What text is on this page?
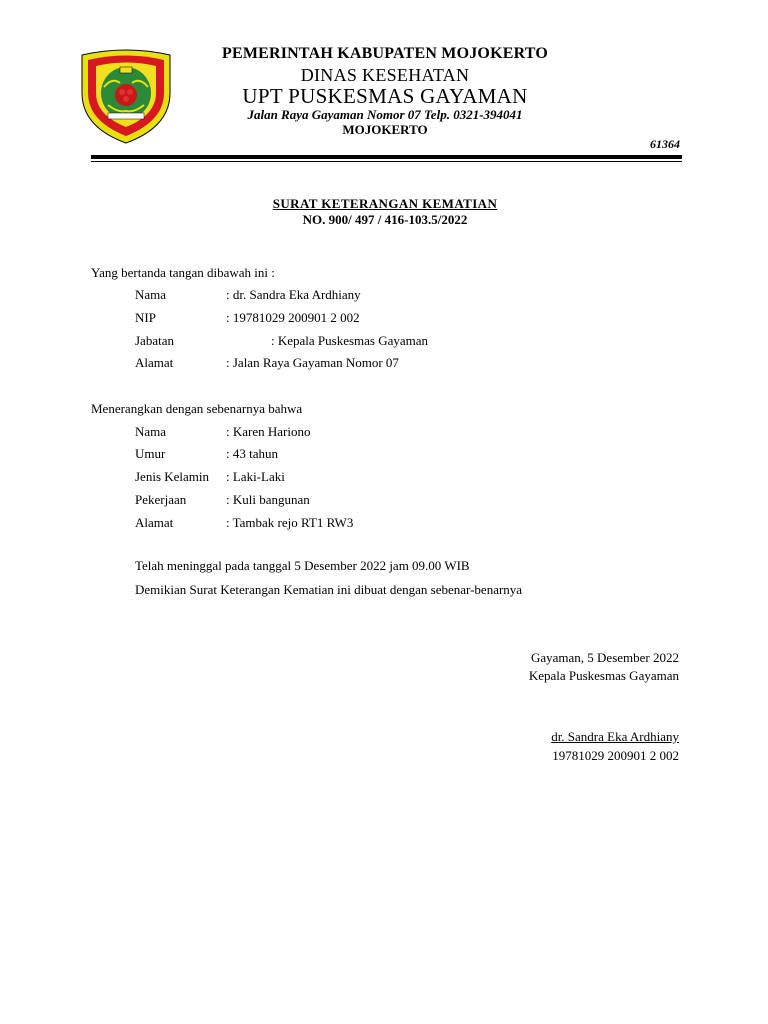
PEMERINTAH KABUPATEN MOJOKERTO
DINAS KESEHATAN
UPT PUSKESMAS GAYAMAN
Jalan Raya Gayaman Nomor 07 Telp. 0321-394041
MOJOKERTO
61364
SURAT KETERANGAN KEMATIAN
NO. 900/ 497 / 416-103.5/2022
Yang bertanda tangan dibawah ini :
Nama	: dr. Sandra Eka Ardhiany
NIP	: 19781029 200901 2 002
Jabatan	: Kepala Puskesmas Gayaman
Alamat	: Jalan Raya Gayaman Nomor 07
Menerangkan dengan sebenarnya bahwa
Nama	: Karen Hariono
Umur	: 43 tahun
Jenis Kelamin : Laki-Laki
Pekerjaan	: Kuli bangunan
Alamat	: Tambak rejo RT1 RW3
Telah meninggal pada tanggal 5 Desember 2022 jam 09.00 WIB
Demikian Surat Keterangan Kematian ini dibuat dengan sebenar-benarnya
Gayaman, 5 Desember 2022
Kepala Puskesmas Gayaman
dr. Sandra Eka Ardhiany
19781029 200901 2 002
